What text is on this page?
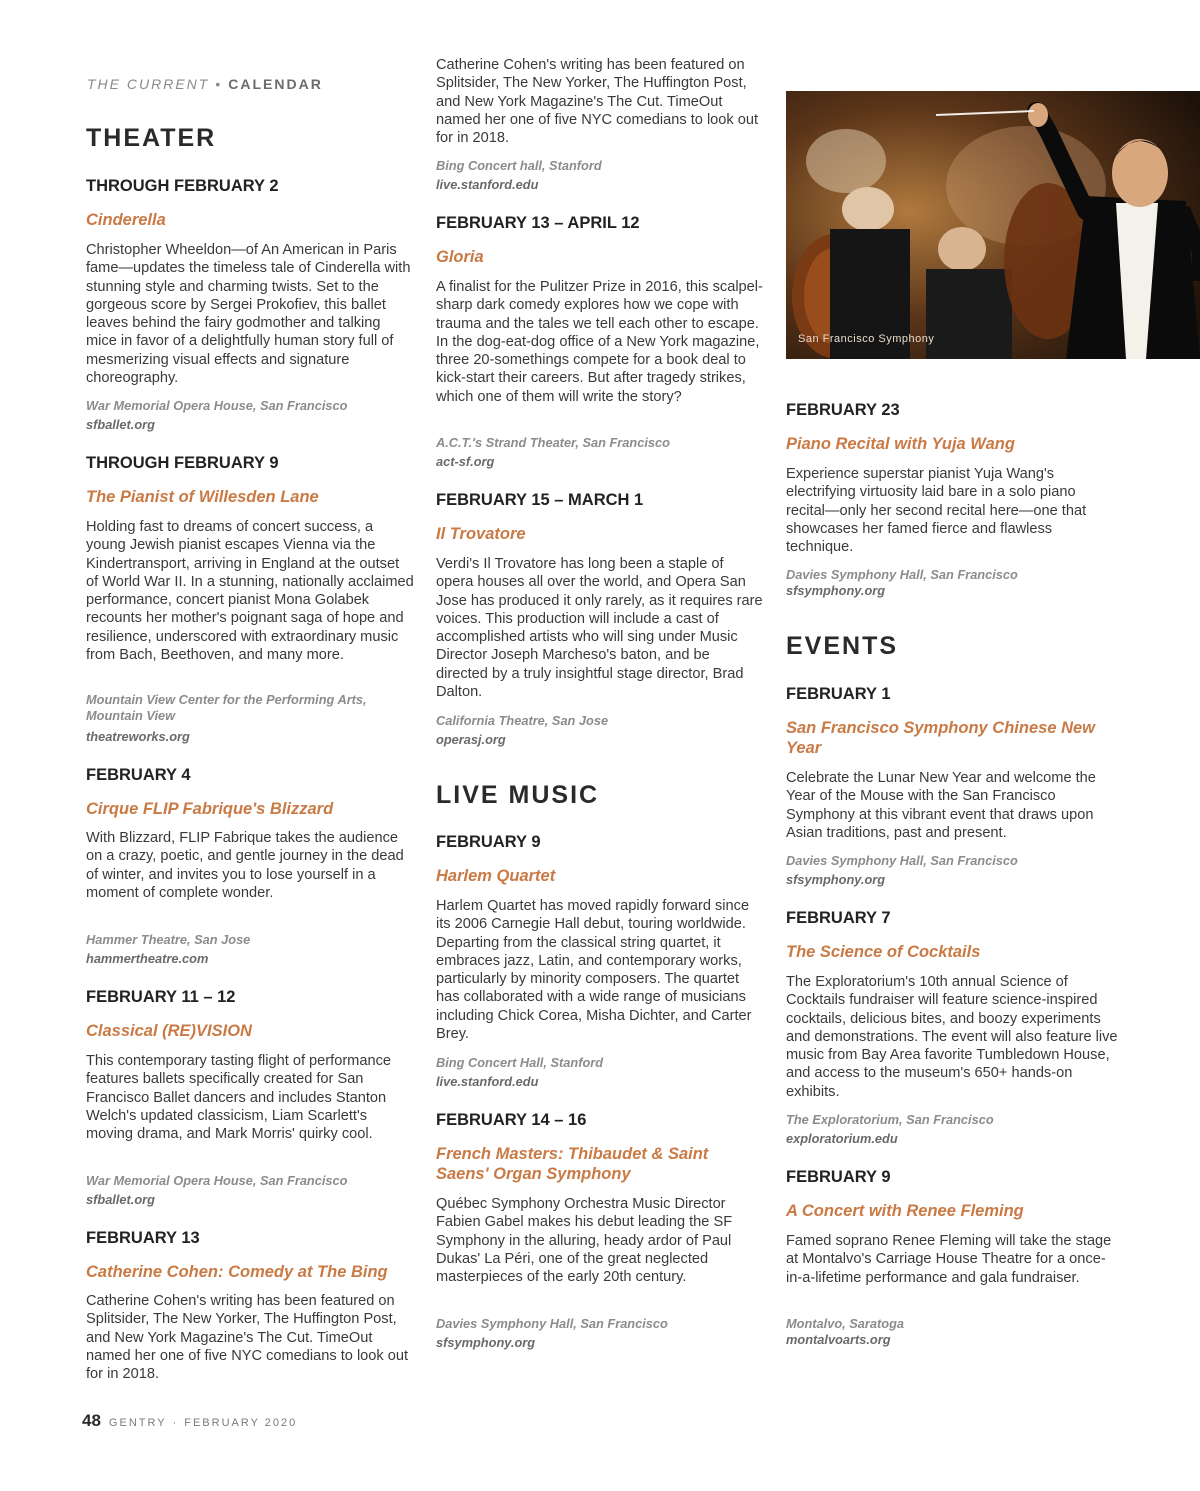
THE CURRENT • CALENDAR
THEATER

THROUGH FEBRUARY 2

Cinderella

Christopher Wheeldon—of An American in Paris fame—updates the timeless tale of Cinderella with stunning style and charming twists. Set to the gorgeous score by Sergei Prokofiev, this ballet leaves behind the fairy godmother and talking mice in favor of a delightfully human story full of mesmerizing visual effects and signature choreography.

War Memorial Opera House, San Francisco

sfballet.org

THROUGH FEBRUARY 9

The Pianist of Willesden Lane

Holding fast to dreams of concert success, a young Jewish pianist escapes Vienna via the Kindertransport, arriving in England at the outset of World War II. In a stunning, nationally acclaimed performance, concert pianist Mona Golabek recounts her mother's poignant saga of hope and resilience, underscored with extraordinary music from Bach, Beethoven, and many more.

Mountain View Center for the Performing Arts, Mountain View

theatreworks.org

FEBRUARY 4

Cirque FLIP Fabrique's Blizzard

With Blizzard, FLIP Fabrique takes the audience on a crazy, poetic, and gentle journey in the dead of winter, and invites you to lose yourself in a moment of complete wonder.

Hammer Theatre, San Jose

hammertheatre.com

FEBRUARY 11 – 12

Classical (RE)VISION

This contemporary tasting flight of performance features ballets specifically created for San Francisco Ballet dancers and includes Stanton Welch's updated classicism, Liam Scarlett's moving drama, and Mark Morris' quirky cool.

War Memorial Opera House, San Francisco

sfballet.org

FEBRUARY 13

Catherine Cohen: Comedy at The Bing

Catherine Cohen's writing has been featured on Splitsider, The New Yorker, The Huffington Post, and New York Magazine's The Cut. TimeOut named her one of five NYC comedians to look out for in 2018.

Catherine Cohen's writing has been featured on Splitsider, The New Yorker, The Huffington Post, and New York Magazine's The Cut. TimeOut named her one of five NYC comedians to look out for in 2018.

Bing Concert hall, Stanford

live.stanford.edu

FEBRUARY 13 – APRIL 12

Gloria

A finalist for the Pulitzer Prize in 2016, this scalpel-sharp dark comedy explores how we cope with trauma and the tales we tell each other to escape. In the dog-eat-dog office of a New York magazine, three 20-somethings compete for a book deal to kick-start their careers. But after tragedy strikes, which one of them will write the story?

A.C.T.'s Strand Theater, San Francisco

act-sf.org

FEBRUARY 15 – MARCH 1

Il Trovatore

Verdi's Il Trovatore has long been a staple of opera houses all over the world, and Opera San Jose has produced it only rarely, as it requires rare voices. This production will include a cast of accomplished artists who will sing under Music Director Joseph Marcheso's baton, and be directed by a truly insightful stage director, Brad Dalton.

California Theatre, San Jose

operasj.org

LIVE MUSIC

FEBRUARY 9

Harlem Quartet

Harlem Quartet has moved rapidly forward since its 2006 Carnegie Hall debut, touring worldwide. Departing from the classical string quartet, it embraces jazz, Latin, and contemporary works, particularly by minority composers. The quartet has collaborated with a wide range of musicians including Chick Corea, Misha Dichter, and Carter Brey.

Bing Concert Hall, Stanford

live.stanford.edu

FEBRUARY 14 – 16

French Masters: Thibaudet & Saint Saens' Organ Symphony

Québec Symphony Orchestra Music Director Fabien Gabel makes his debut leading the SF Symphony in the alluring, heady ardor of Paul Dukas' La Péri, one of the great neglected masterpieces of the early 20th century.

Davies Symphony Hall, San Francisco

sfsymphony.org

San Francisco Symphony

FEBRUARY 23

Piano Recital with Yuja Wang

Experience superstar pianist Yuja Wang's electrifying virtuosity laid bare in a solo piano recital—only her second recital here—one that showcases her famed fierce and flawless technique.

Davies Symphony Hall, San Francisco

sfsymphony.org

EVENTS

FEBRUARY 1

San Francisco Symphony Chinese New Year

Celebrate the Lunar New Year and welcome the Year of the Mouse with the San Francisco Symphony at this vibrant event that draws upon Asian traditions, past and present.

Davies Symphony Hall, San Francisco

sfsymphony.org

FEBRUARY 7

The Science of Cocktails

The Exploratorium's 10th annual Science of Cocktails fundraiser will feature science-inspired cocktails, delicious bites, and boozy experiments and demonstrations. The event will also feature live music from Bay Area favorite Tumbledown House, and access to the museum's 650+ hands-on exhibits.

The Exploratorium, San Francisco

exploratorium.edu

FEBRUARY 9

A Concert with Renee Fleming

Famed soprano Renee Fleming will take the stage at Montalvo's Carriage House Theatre for a once-in-a-lifetime performance and gala fundraiser.

Montalvo, Saratoga

montalvoarts.org

48 GENTRY · FEBRUARY 2020
